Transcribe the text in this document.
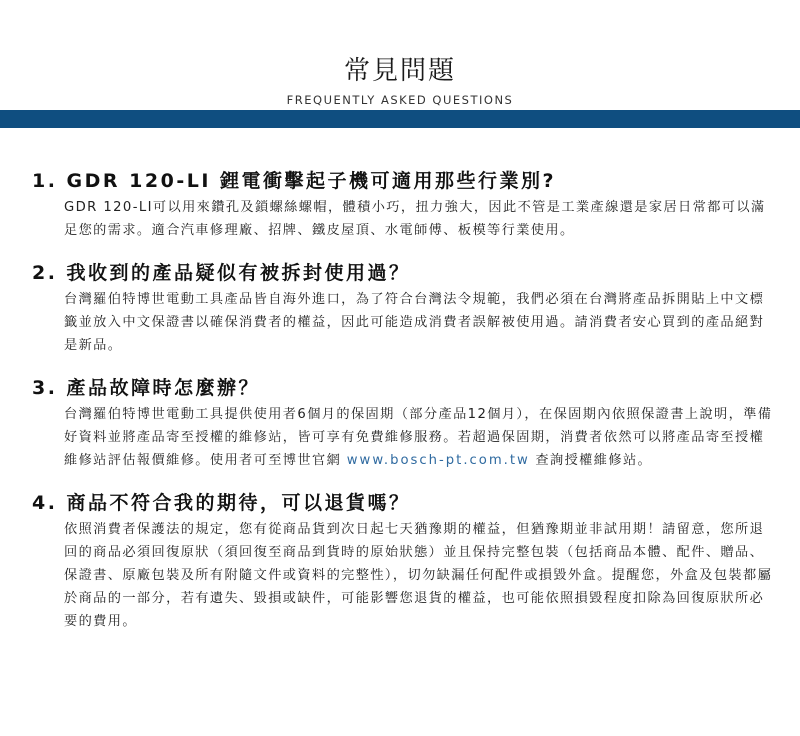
常見問題
FREQUENTLY ASKED QUESTIONS
1. GDR 120-LI 鋰電衝擊起子機可適用那些行業別?
GDR 120-LI可以用來鑽孔及鎖螺絲螺帽，體積小巧，扭力強大，因此不管是工業產線還是家居日常都可以滿足您的需求。適合汽車修理廠、招牌、鐵皮屋頂、水電師傅、板模等行業使用。
2. 我收到的產品疑似有被拆封使用過？
台灣羅伯特博世電動工具產品皆自海外進口，為了符合台灣法令規範，我們必須在台灣將產品拆開貼上中文標籤並放入中文保證書以確保消費者的權益，因此可能造成消費者誤解被使用過。請消費者安心買到的產品絕對是新品。
3. 產品故障時怎麼辦？
台灣羅伯特博世電動工具提供使用者6個月的保固期（部分產品12個月），在保固期內依照保證書上說明，準備好資料並將產品寄至授權的維修站，皆可享有免費維修服務。若超過保固期，消費者依然可以將產品寄至授權維修站評估報價維修。使用者可至博世官網 www.bosch-pt.com.tw 查詢授權維修站。
4. 商品不符合我的期待，可以退貨嗎？
依照消費者保護法的規定，您有從商品貨到次日起七天猶豫期的權益，但猶豫期並非試用期！請留意，您所退回的商品必須回復原狀（須回復至商品到貨時的原始狀態）並且保持完整包裝（包括商品本體、配件、贈品、保證書、原廠包裝及所有附隨文件或資料的完整性），切勿缺漏任何配件或損毀外盒。提醒您，外盒及包裝都屬於商品的一部分，若有遺失、毀損或缺件，可能影響您退貨的權益，也可能依照損毀程度扣除為回復原狀所必要的費用。
